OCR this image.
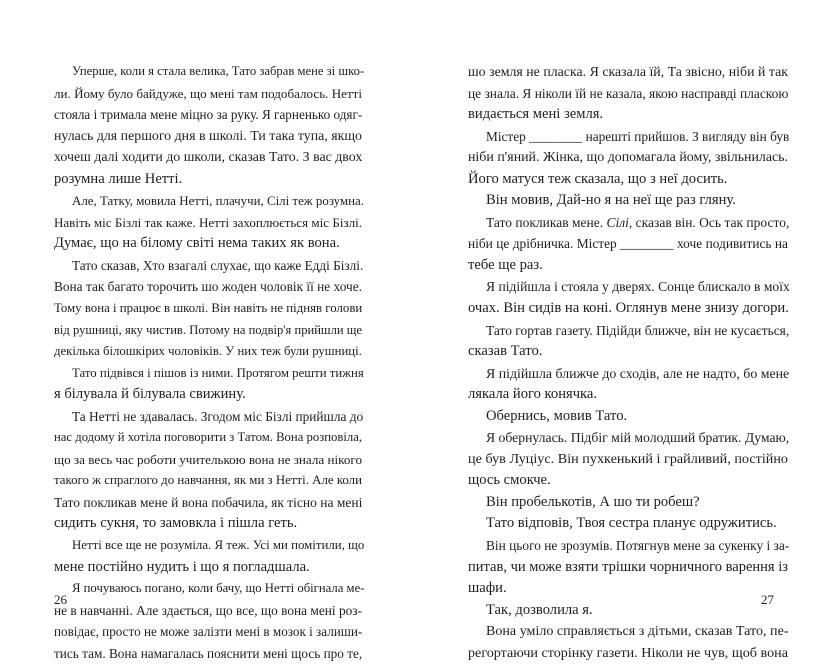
Уперше, коли я стала велика, Тато забрав мене зі шко-
ли. Йому було байдуже, що мені там подобалось. Нетті
стояла і тримала мене міцно за руку. Я гарненько одяг-
нулась для першого дня в школі. Ти така тупа, якщо
хочеш далі ходити до школи, сказав Тато. З вас двох
розумна лише Нетті.
Але, Татку, мовила Нетті, плачучи, Сілі теж розумна.
Навіть міс Бізлі так каже. Нетті захоплюється міс Бізлі.
Думає, що на білому світі нема таких як вона.
Тато сказав, Хто взагалі слухає, що каже Едді Бізлі.
Вона так багато торочить шо жоден чоловік її не хоче.
Тому вона і працює в школі. Він навіть не підняв голови
від рушниці, яку чистив. Потому на подвір'я прийшли ще
декілька білошкірих чоловіків. У них теж були рушниці.
Тато підвівся і пішов із ними. Протягом решти тижня
я білувала й білувала свижину.
Та Нетті не здавалась. Згодом міс Бізлі прийшла до
нас додому й хотіла поговорити з Татом. Вона розповіла,
що за весь час роботи учителькою вона не знала нікого
такого ж спраглого до навчання, як ми з Нетті. Але коли
Тато покликав мене й вона побачила, як тісно на мені
сидить сукня, то замовкла і пішла геть.
Нетті все ще не розуміла. Я теж. Усі ми помітили, що
мене постійно нудить і що я погладшала.
Я почуваюсь погано, коли бачу, що Нетті обігнала ме-
не в навчанні. Але здається, що все, що вона мені роз-
повідає, просто не може залізти мені в мозок і залиши-
тись там. Вона намагалась пояснити мені щось про те,
26
шо земля не пласка. Я сказала їй, Та звісно, ніби й так
це знала. Я ніколи їй не казала, якою насправді пласкою
видається мені земля.
Містер ________ нарешті прийшов. З вигляду він був
ніби п'яний. Жінка, що допомагала йому, звільнилась.
Його матуся теж сказала, що з неї досить.
Він мовив, Дай-но я на неї ще раз гляну.
Тато покликав мене. Сілі, сказав він. Ось так просто,
ніби це дрібничка. Містер ________ хоче подивитись на
тебе ще раз.
Я підійшла і стояла у дверях. Сонце блискало в моїх
очах. Він сидів на коні. Оглянув мене знизу догори.
Тато гортав газету. Підійди ближче, він не кусається,
сказав Тато.
Я підійшла ближче до сходів, але не надто, бо мене
лякала його конячка.
Обернись, мовив Тато.
Я обернулась. Підбіг мій молодший братик. Думаю,
це був Луціус. Він пухкенький і грайливий, постійно
щось смокче.
Він пробелькотів, А шо ти робеш?
Тато відповів, Твоя сестра планує одружитись.
Він цього не зрозумів. Потягнув мене за сукенку і за-
питав, чи може взяти трішки чорничного варення із
шафи.
Так, дозволила я.
Вона уміло справляється з дітьми, сказав Тато, пе-
регортаючи сторінку газети. Ніколи не чув, щоб вона
27
